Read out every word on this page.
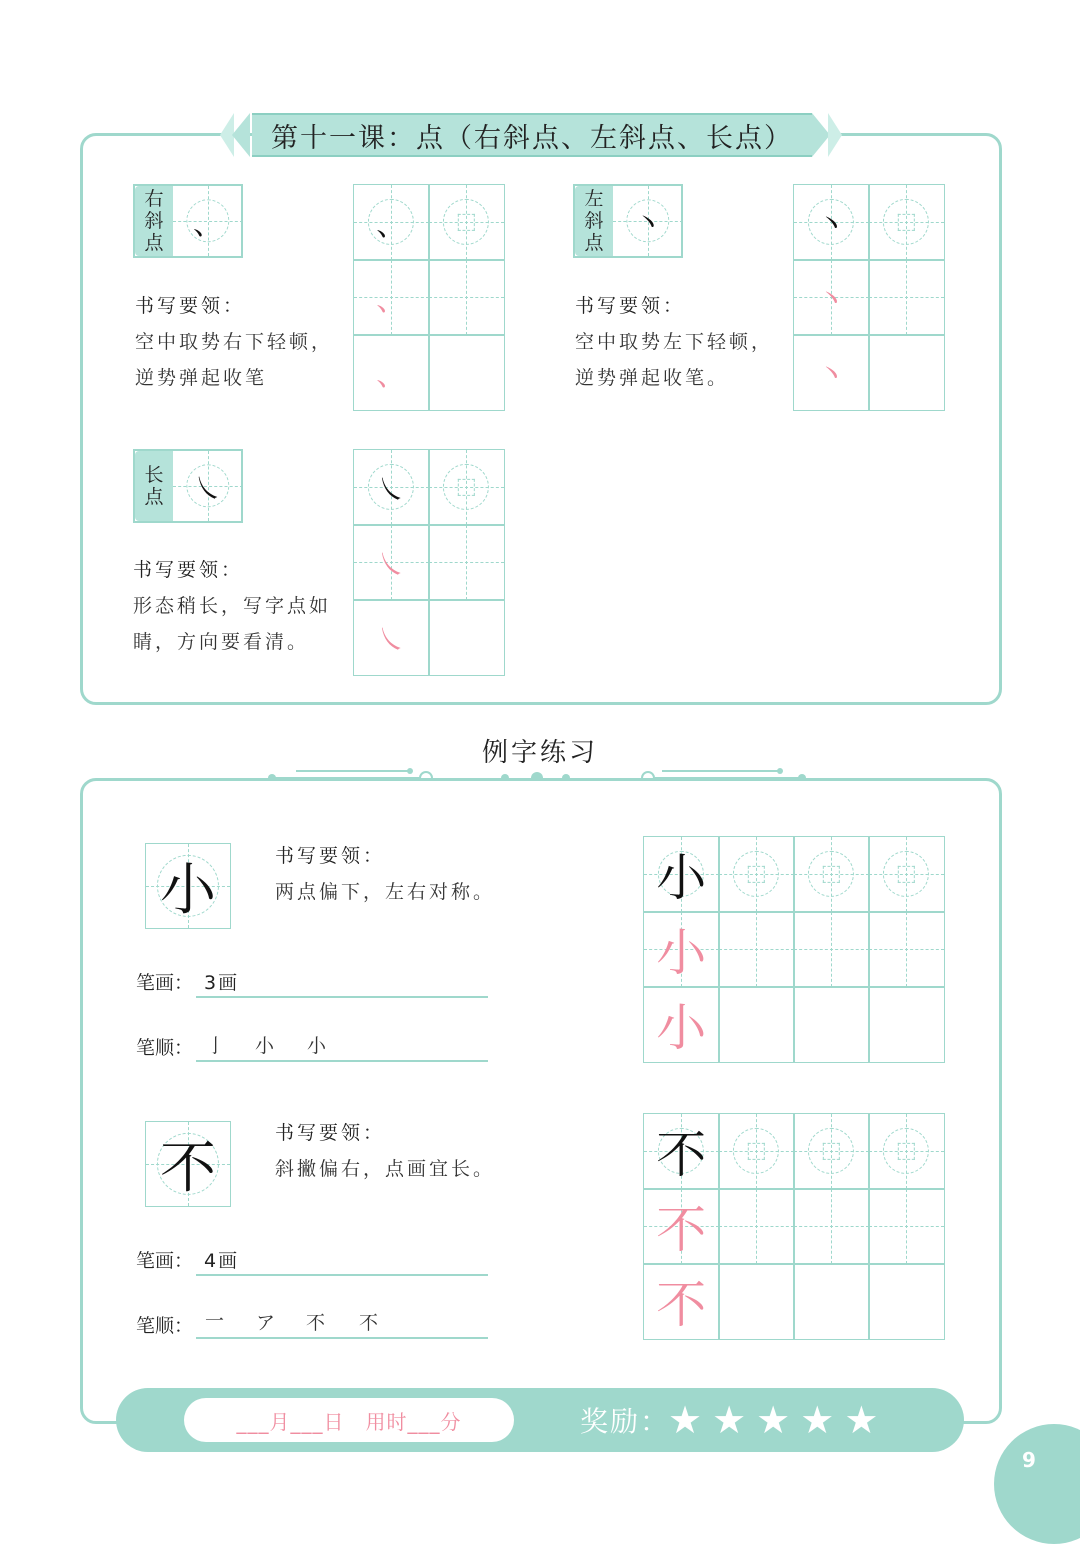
第十一课：点（右斜点、左斜点、长点）
右
斜
点
、
书写要领：
空中取势右下轻顿，
逆势弹起收笔
、
、
、
左
斜
点
丶
书写要领：
空中取势左下轻顿，
逆势弹起收笔。
丶
丶
丶
长
点 ㇏
书写要领：
形态稍长，写字点如
睛，方向要看清。
㇏
㇏
㇏
例字练习
小
书写要领：
两点偏下，左右对称。
笔画： 3画
笔顺： 亅 小 小
小
小
小
不
书写要领：
斜撇偏右，点画宜长。
笔画： 4画
笔顺： 一 ア 不 不
不
不
不
___月___日　用时___分	奖励：
★ ★ ★ ★ ★
9
